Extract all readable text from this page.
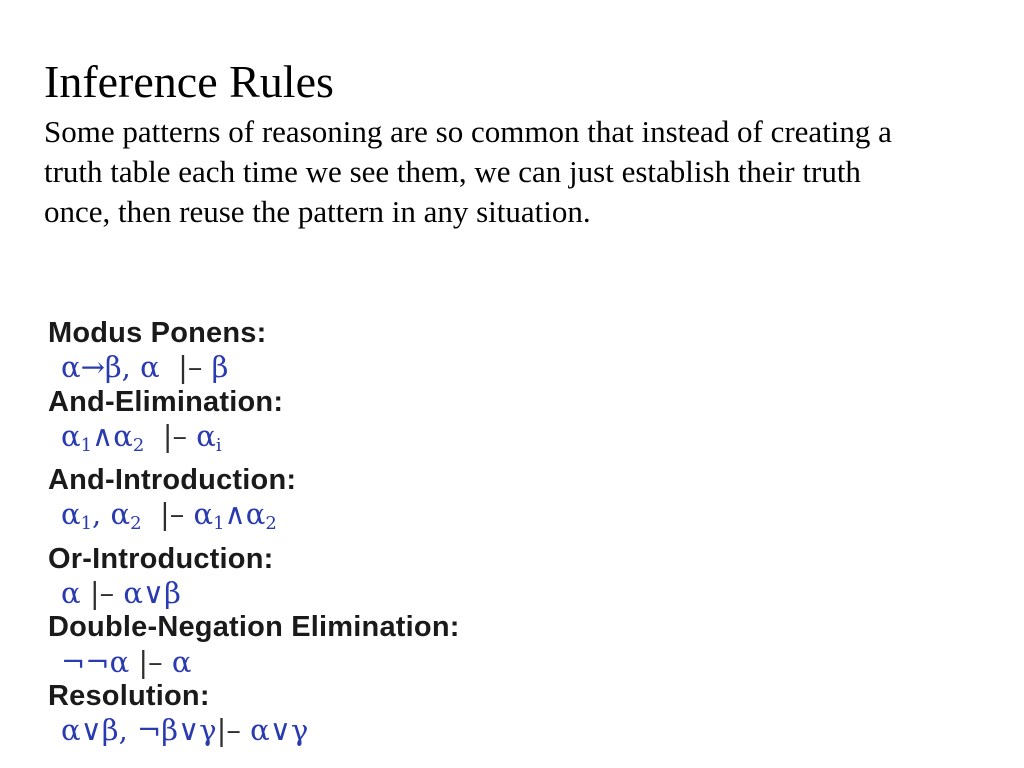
Inference Rules
Some patterns of reasoning are so common that instead of creating a
truth table each time we see them, we can just establish their truth
once, then reuse the pattern in any situation.
Modus Ponens:
α→β, α  |– β
And-Elimination:
$\alpha_1\wedge\alpha_2$ |– $\alpha_i$
And-Introduction:
$\alpha_1$, $\alpha_2$ |– $\alpha_1\wedge\alpha_2$
Or-Introduction:
α |– α∨β
Double-Negation Elimination:
¬¬α |– α
Resolution:
α∨β, ¬β∨γ|– α∨γ
